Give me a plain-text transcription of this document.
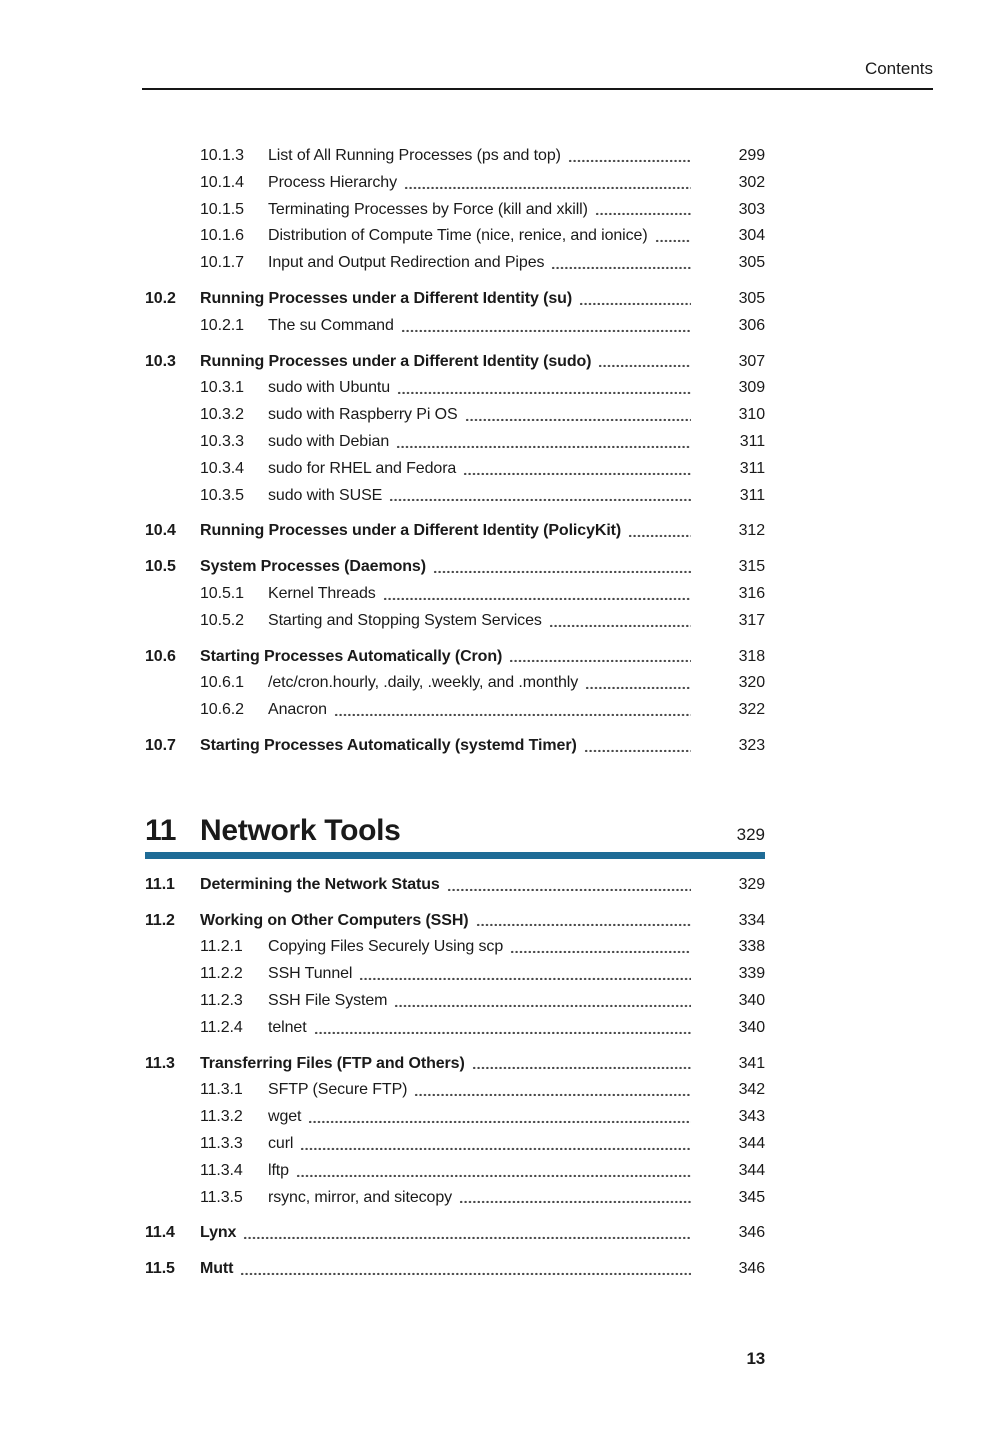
Contents
10.1.3	List of All Running Processes (ps and top)	299
10.1.4	Process Hierarchy	302
10.1.5	Terminating Processes by Force (kill and xkill)	303
10.1.6	Distribution of Compute Time (nice, renice, and ionice)	304
10.1.7	Input and Output Redirection and Pipes	305
10.2	Running Processes under a Different Identity (su)	305
10.2.1	The su Command	306
10.3	Running Processes under a Different Identity (sudo)	307
10.3.1	sudo with Ubuntu	309
10.3.2	sudo with Raspberry Pi OS	310
10.3.3	sudo with Debian	311
10.3.4	sudo for RHEL and Fedora	311
10.3.5	sudo with SUSE	311
10.4	Running Processes under a Different Identity (PolicyKit)	312
10.5	System Processes (Daemons)	315
10.5.1	Kernel Threads	316
10.5.2	Starting and Stopping System Services	317
10.6	Starting Processes Automatically (Cron)	318
10.6.1	/etc/cron.hourly, .daily, .weekly, and .monthly	320
10.6.2	Anacron	322
10.7	Starting Processes Automatically (systemd Timer)	323
11 Network Tools	329
11.1	Determining the Network Status	329
11.2	Working on Other Computers (SSH)	334
11.2.1	Copying Files Securely Using scp	338
11.2.2	SSH Tunnel	339
11.2.3	SSH File System	340
11.2.4	telnet	340
11.3	Transferring Files (FTP and Others)	341
11.3.1	SFTP (Secure FTP)	342
11.3.2	wget	343
11.3.3	curl	344
11.3.4	lftp	344
11.3.5	rsync, mirror, and sitecopy	345
11.4	Lynx	346
11.5	Mutt	346
13
